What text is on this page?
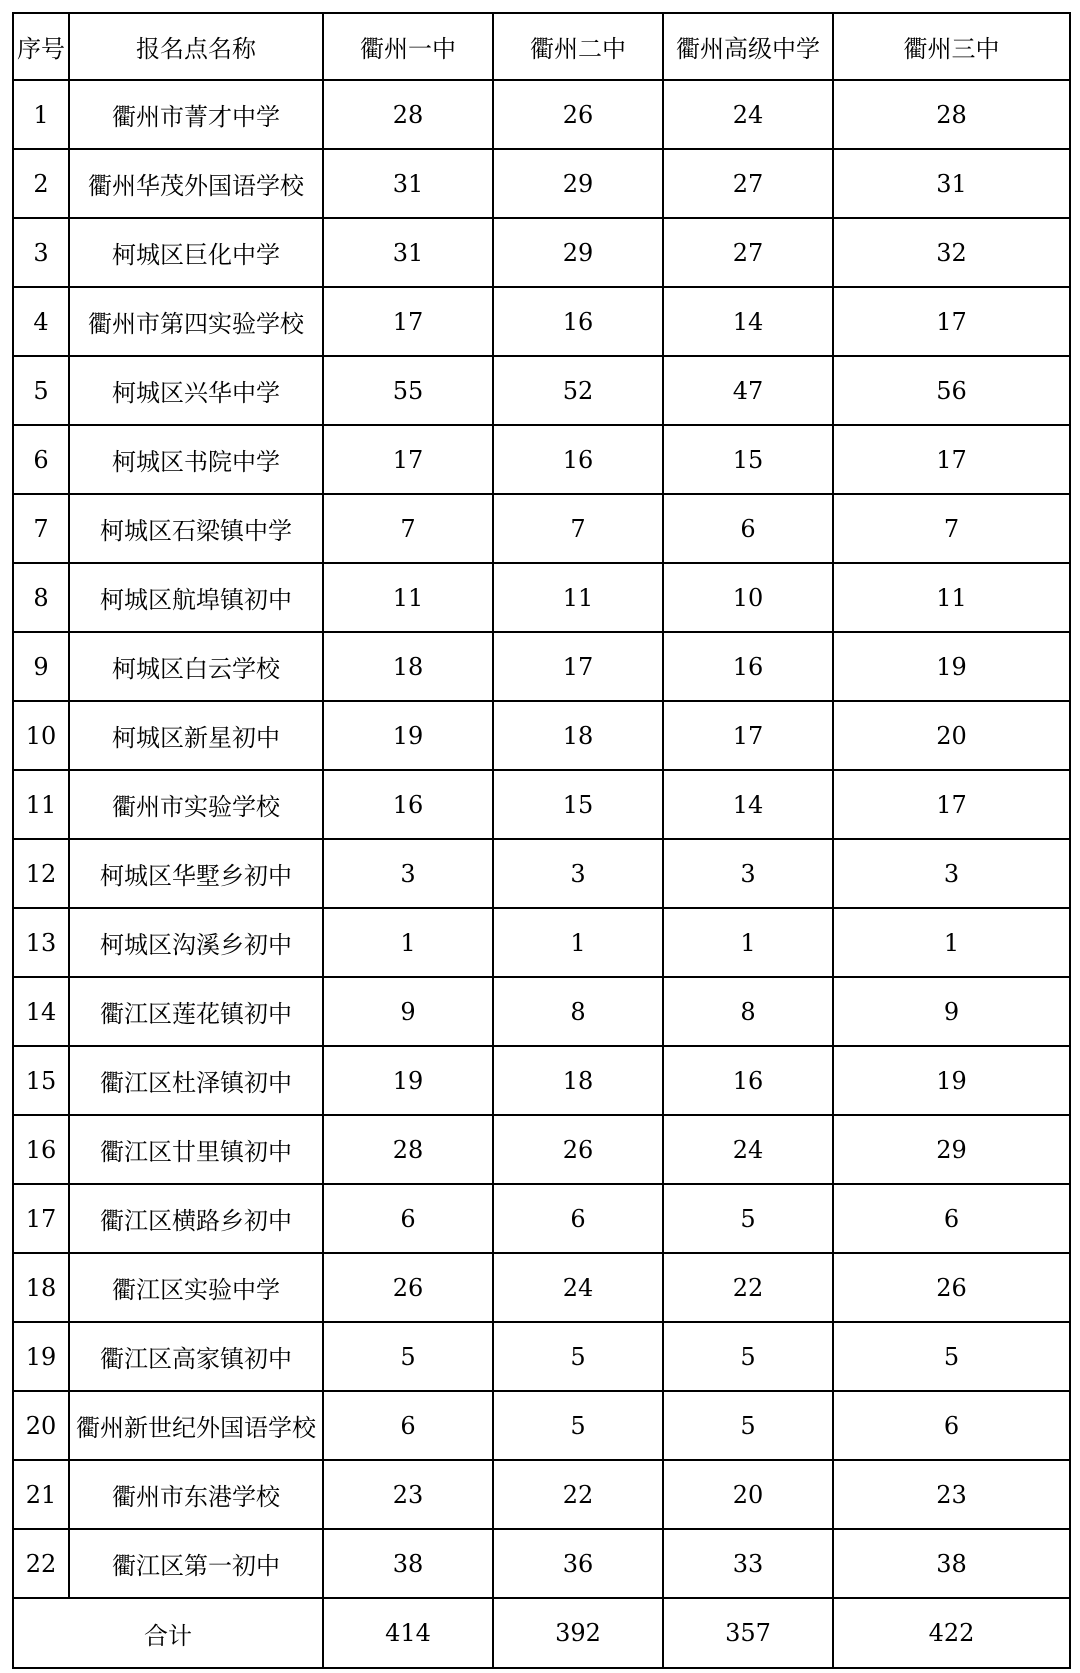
序号	报名点名称	衢州一中	衢州二中	衢州高级中学	衢州三中
1	衢州市菁才中学	28	26	24	28
2	衢州华茂外国语学校	31	29	27	31
3	柯城区巨化中学	31	29	27	32
4	衢州市第四实验学校	17	16	14	17
5	柯城区兴华中学	55	52	47	56
6	柯城区书院中学	17	16	15	17
7	柯城区石梁镇中学	7	7	6	7
8	柯城区航埠镇初中	11	11	10	11
9	柯城区白云学校	18	17	16	19
10	柯城区新星初中	19	18	17	20
11	衢州市实验学校	16	15	14	17
12	柯城区华墅乡初中	3	3	3	3
13	柯城区沟溪乡初中	1	1	1	1
14	衢江区莲花镇初中	9	8	8	9
15	衢江区杜泽镇初中	19	18	16	19
16	衢江区廿里镇初中	28	26	24	29
17	衢江区横路乡初中	6	6	5	6
18	衢江区实验中学	26	24	22	26
19	衢江区高家镇初中	5	5	5	5
20	衢州新世纪外国语学校	6	5	5	6
21	衢州市东港学校	23	22	20	23
22	衢江区第一初中	38	36	33	38
合计		414	392	357	422
